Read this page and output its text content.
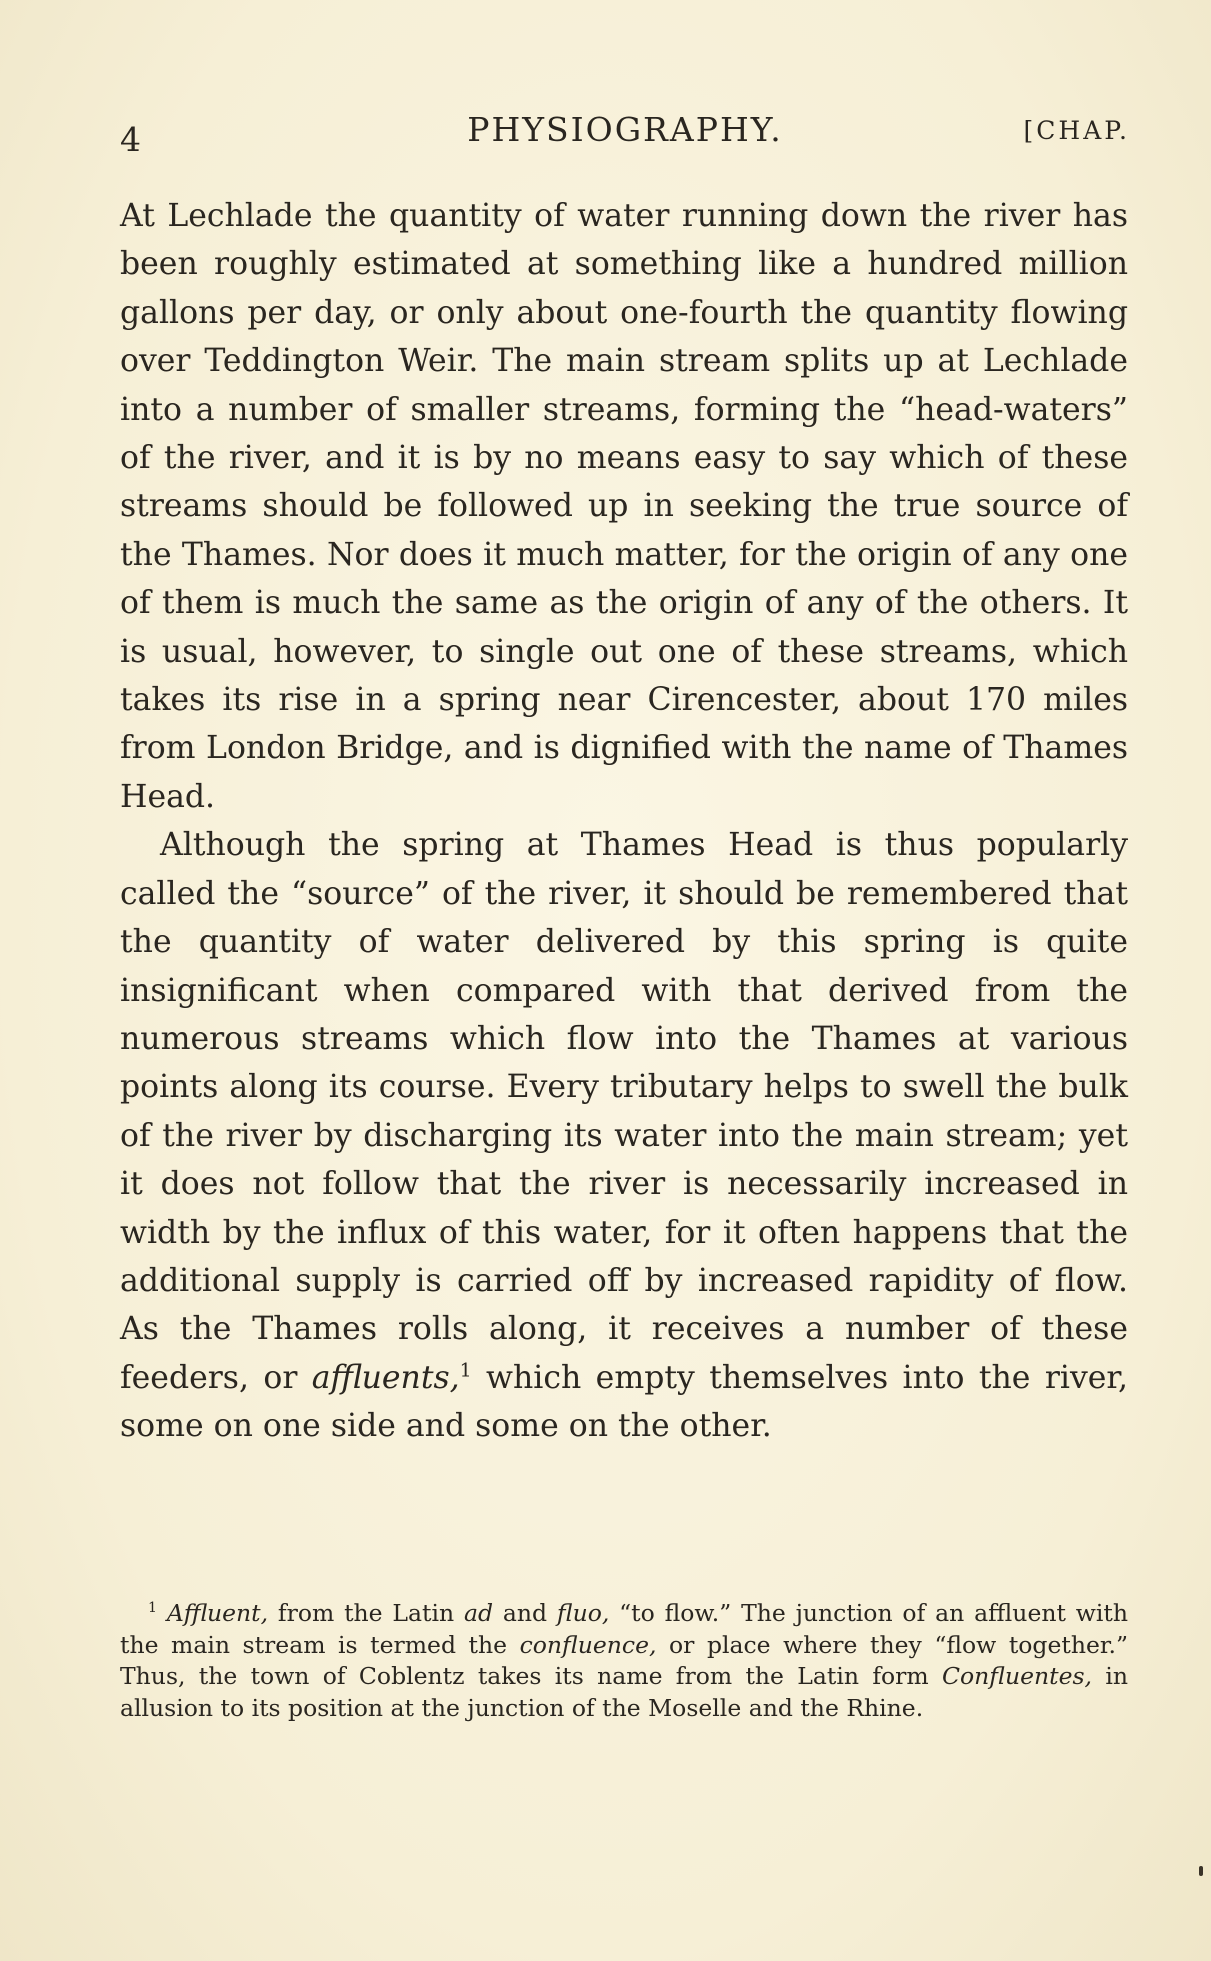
4	PHYSIOGRAPHY.	[CHAP.

At Lechlade the quantity of water running down the river has been roughly estimated at something like a hundred million gallons per day, or only about one-fourth the quantity flowing over Teddington Weir. The main stream splits up at Lechlade into a number of smaller streams, forming the “head-waters” of the river, and it is by no means easy to say which of these streams should be followed up in seeking the true source of the Thames. Nor does it much matter, for the origin of any one of them is much the same as the origin of any of the others. It is usual, however, to single out one of these streams, which takes its rise in a spring near Cirencester, about 170 miles from London Bridge, and is dignified with the name of Thames Head.

Although the spring at Thames Head is thus popularly called the “source” of the river, it should be remembered that the quantity of water delivered by this spring is quite insignificant when compared with that derived from the numerous streams which flow into the Thames at various points along its course. Every tributary helps to swell the bulk of the river by discharging its water into the main stream; yet it does not follow that the river is necessarily increased in width by the influx of this water, for it often happens that the additional supply is carried off by increased rapidity of flow. As the Thames rolls along, it receives a number of these feeders, or affluents,$^1$ which empty themselves into the river, some on one side and some on the other.

$^1$ Affluent, from the Latin ad and fluo, “to flow.” The junction of an affluent with the main stream is termed the confluence, or place where they “flow together.” Thus, the town of Coblentz takes its name from the Latin form Confluentes, in allusion to its position at the junction of the Moselle and the Rhine.
